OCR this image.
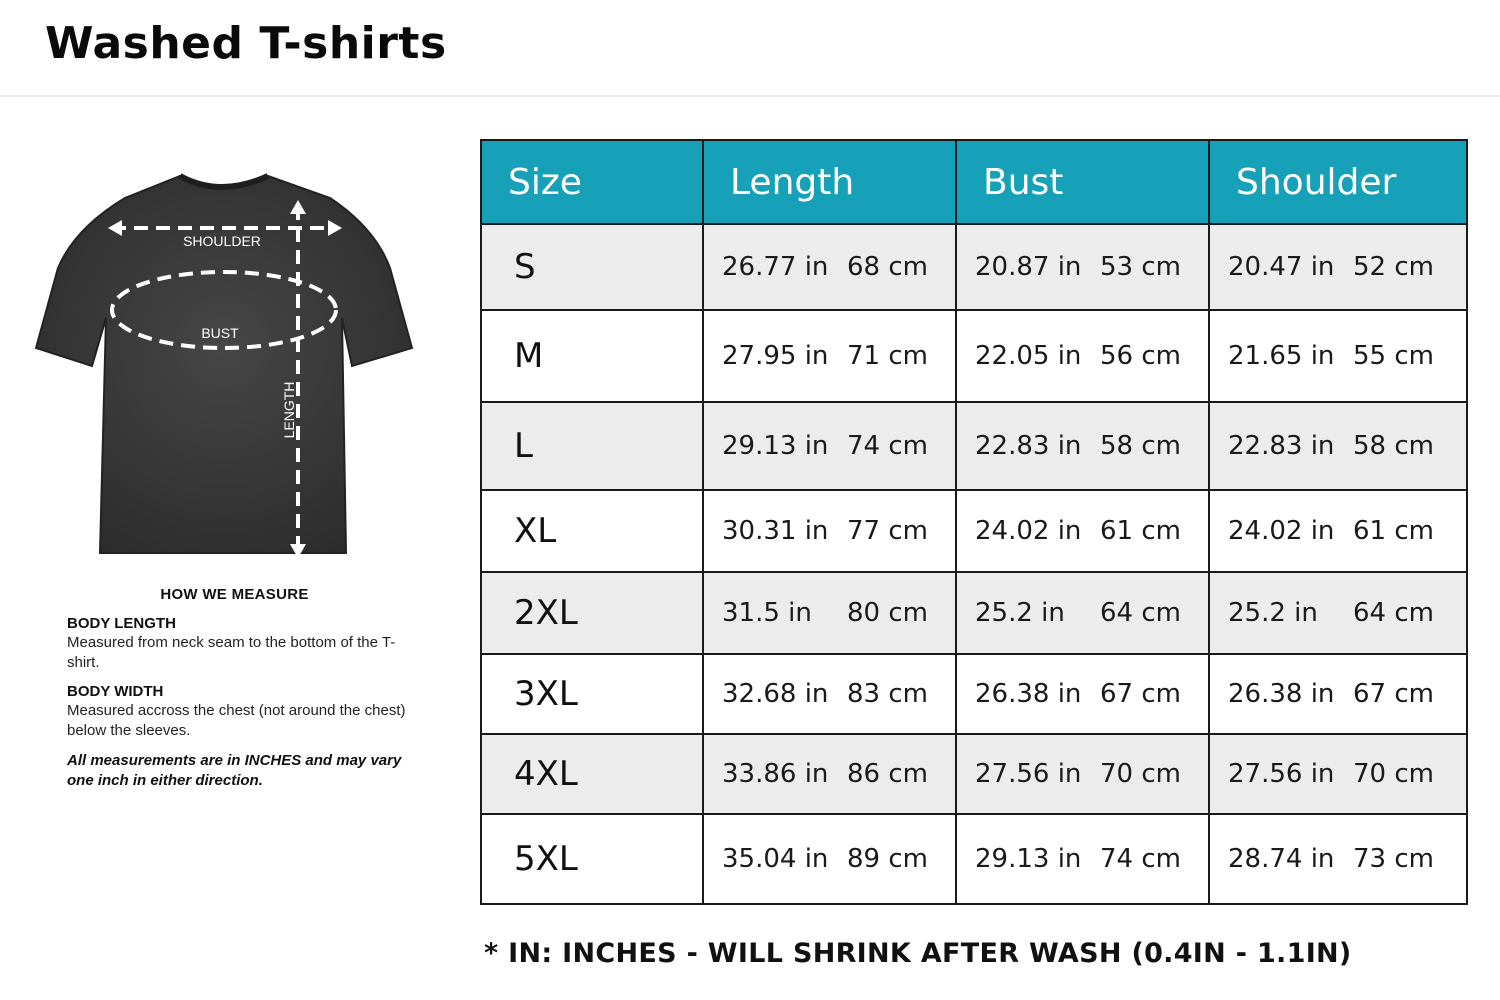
Washed T-shirts
SHOULDER
BUST
LENGTH
HOW WE MEASURE
BODY LENGTH
Measured from neck seam to the bottom of the T-shirt.
BODY WIDTH
Measured accross the chest (not around the chest) below the sleeves.
All measurements are in INCHES and may vary one inch in either direction.
Size	Length	Bust	Shoulder
S	26.77 in 68 cm	20.87 in 53 cm	20.47 in 52 cm
M	27.95 in 71 cm	22.05 in 56 cm	21.65 in 55 cm
L	29.13 in 74 cm	22.83 in 58 cm	22.83 in 58 cm
XL	30.31 in 77 cm	24.02 in 61 cm	24.02 in 61 cm
2XL	31.5 in 80 cm	25.2 in 64 cm	25.2 in 64 cm
3XL	32.68 in 83 cm	26.38 in 67 cm	26.38 in 67 cm
4XL	33.86 in 86 cm	27.56 in 70 cm	27.56 in 70 cm
5XL	35.04 in 89 cm	29.13 in 74 cm	28.74 in 73 cm
* IN: INCHES - WILL SHRINK AFTER WASH (0.4IN - 1.1IN)
